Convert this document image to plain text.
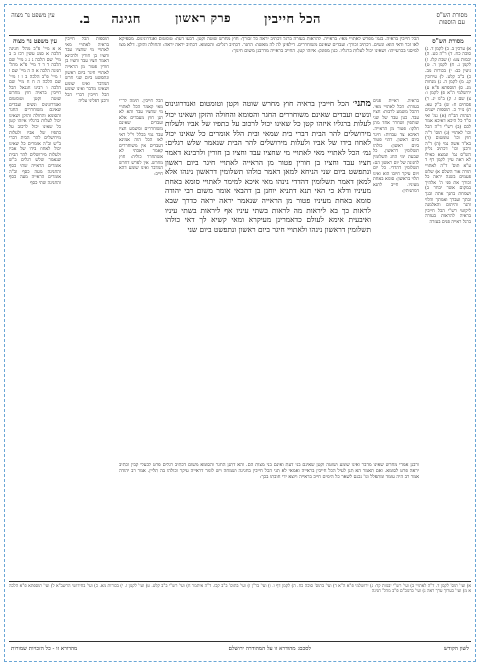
מסורת הש"ס עם הוספות
הכל חייבין
פרק ראשון
חגיגה
ב.
עין משפט נר מצוה
מסורת הש"ס
א) ערכין ב. ב) לקמן ד. ג) סוכה כח. ד) ר"ה כט. ה) יבמות צט: ו) שבת קלז. ז) לקמן ג. ח) לקמן ד. ט) גיטין כב: י) בכורות מב. כ) ב"ב קלט. ל) עירובין קג. מ) לקמן ה. נ) מנחות מג. ס) תוספתא פ"א ע) ירושלמי ה"א פ) לקמן ו: צ) שם ז. ק) ב"מ יג. ר) פסחים ח: ש) ב"ק עא. ת) נזיר כ. תוספות ישנים הגהות הב"ח (א) גמ' ואי ס"ד כל היכא דאיכא אמר לכם (ב) רש"י ד"ה הכל וכו' לאתויי (ג) תוס' ד"ה חוץ וכו' טומטום (ד) בא"ד אשה נמי (ה) ד"ה ורבנן וכו' דכתיב גליון הש"ס גמ' ונמצא כאילו לא ראה עיין לקמן דף ד ע"א תוס' ד"ה לאתויי תורה אור השלם א) שלש פעמים בשנה יראה כל זכורך את פני ה' אלהיך במקום אשר יבחר ב) ושמחת בחגך אתה ובנך ובתך ועבדך ואמתך והלוי והגר והיתום והאלמנה ליקוטי רש"י הכל חייבין בראיה להראות בעזרה ברגל ראייה פנים בעזרה
הכל חייבין בראיה. בגמ' מפרש לאתויי מאי: בראייה. להראות בעזרה ברגל דכתיב יראה כל זכורך: חוץ מחרש שוטה וקטן. דבעו דעת: טומטום ואנדרוגינוס. מספיקא לאו זכר ודאי הוא: ונשים. דכתיב זכורך: ועבדים שאינם משוחררים. דילפינן לה לה מאשה: החגר. דכתיב רגלים: והסומא. דכתיב יראה יראה: והחולה והזקן. דלא מצו למיסגי בכרעייהו: ושאינו יכול לעלות ברגליו. כגון מפונק: איזהו קטן. החייב בראייה מדרבנן משום חינוך:
בראיה. ראיית פנים בעזרה: הכל לאתויי מאי. דהכל משמע לרבות: חציו עבד. כגון עבד של שני שותפין ושחרר אחד מהן חלקו: פטור מן הראייה. דאיכא צד עבדות: חיגר ביום ראשון. דהוי פטור ביום ראשון: כולהו תשלומין דראשון. כל שבעת ימי החג תשלומין לחגיגה של יום ראשון הם: תשלומין דהדדי. כל יום ויום עיקר חיובו הוא ואינו תלוי בראשון: סומא באחת מעיניו. חייב לתנא דמתניתין:
מתני׳ הכל חייבין בראיה חוץ מחרש שוטה וקטן וטומטום ואנדרוגינוס ונשים ועבדים שאינם משוחררים החגר והסומא והחולה והזקן ושאינו יכול לעלות ברגליו איזהו קטן כל שאינו יכול לרכוב על כתפיו של אביו ולעלות מירושלים להר הבית דברי בית שמאי ובית הלל אומרים כל שאינו יכול לאחוז בידו של אביו ולעלות מירושלים להר הבית שנאמר שלש רגלים: גמ׳ הכל לאתויי מאי לאתויי מי שחציו עבד וחציו בן חורין ולרבינא דאמר חציו עבד וחציו בן חורין פטור מן הראייה לאתויי חיגר ביום ראשון ונתפשט ביום שני הניחא למאן דאמר כולהו תשלומין דראשון נינהו אלא למאן דאמר תשלומין דהדדי נינהו מאי איכא למימר לאתויי סומא באחת מעיניו ודלא כי האי תנא דתניא יוחנן בן דהבאי אומר משום רבי יהודה סומא באחת מעיניו פטור מן הראייה שנאמר יראה יראה כדרך שבא לראות כך בא ליראות מה לראות בשתי עיניו אף ליראות בשתי עיניו ואיבעית אימא לעולם כדאמרינן מעיקרא ומאי קשיא לך דאי כולהו תשלומין דראשון נינהו ולאתויי חיגר ביום ראשון ונתפשט ביום שני
הכל חייבין. תימה לר"י מאי קאמר הכל לאתויי מי שחציו עבד והא לא תנן חוץ מעבדים אלא ועבדים שאינם משוחררים ומשמע חציו עבד נמי בכלל וי"ל דאי לאו הכל הוה אמינא דעבדים אין משוחררים קאמר דאכתי לא אשתחרר כוליה: חוץ מחרש. אין לפרש דחרש המדבר ואינו שומע דהא חייב:
ורבנן אמרי מחרש שאינו מדבר ואינו שומע ושוטה וקטן שאינם בני דעת ואינם בני מצות הם. והא דתנן החגר והסומא משום דכתיב רגלים פרט לבעלי קבין וכתיב יראה פרט לסומא. ואם תאמר הא תנן לעיל הכל חייבין בראייה ואמאי לא תני הכל חייבין בחגיגה ושמחה ויש לומר דראייה עיקר וכולהו בה תליין. אמר רב יהודה אמר רב היה עומד ומתפלל וגו' נכנס לשאר כל הימים חייב בראייה ויוצא ידי חובתו בכך:
תוספות הכל חייבין בראיה לאתויי מאי לאתויי מי שחציו עבד וחציו בן חורין ולרבינא דאמר חציו עבד וחציו בן חורין פטור מן הראייה לאתויי חיגר ביום ראשון ונתפשט ביום שני חרש המדבר ואינו שומע ושאינו מדבר ואינו שומע הכל חייבין דברי הכל ורבנן דפליגי עליה
עין משפט נר מצוה
א א מיי' פ"ב מהל' חגיגה הלכה א סמג עשין רכז ב ב מיי' שם הלכה ג ג ג מיי' שם הלכה ד ד ד מיי' פ"א מהל' חגיגה הלכה א ה ה מיי' שם ו ו מיי' פ"ב הלכה ב ז ז מיי' שם הלכה ה ח ח מיי' שם הלכה ו רבינו חננאל הכל חייבין בראיה חוץ מחרש שוטה וקטן וטומטום ואנדרוגינוס ונשים ועבדים שאינם משוחררים החגר והסומא והחולה והזקן ושאינו יכול לעלות ברגליו איזהו קטן כל שאינו יכול לרכוב על כתפיו של אביו ולעלות מירושלים להר הבית דברי ב"ש וב"ה אומרים כל שאינו יכול לאחוז בידו של אביו ולעלות מירושלים להר הבית שנאמר שלש רגלים ב"ש אומרים הראייה שתי כסף והחגיגה מעה כסף וב"ה אומרים הראייה מעה כסף והחגיגה שתי כסף
א) ועי' תוס' לקמן ד. ד"ה לאתויי ב) ועי' רש"י יבמות קד: ג) ירושלמי פ"א ה"א ד) ועי' בתוס' סוכה כח. ה) לקמן דף ו. ו) ועי' בר"ן ז) ועי' בתוס' ב"ב קכז. ד"ה איתמר ח) ועי' רש"י ב"ב קלט. ט) ועי' לקמן ז. י) בכורות מא. כ) ועי' בחידושי הרשב"א ל) ועי' תוספתא פ"א הלכה א מ) ועי' בערוך ערך ראה נ) ועי' ברמב"ם פ"ב מהל' חגיגה
לשון הקודש
לסכם: מהודרא זו על המהודרה ירושלם
מהדורא זו - כל הזכויות שמורות
